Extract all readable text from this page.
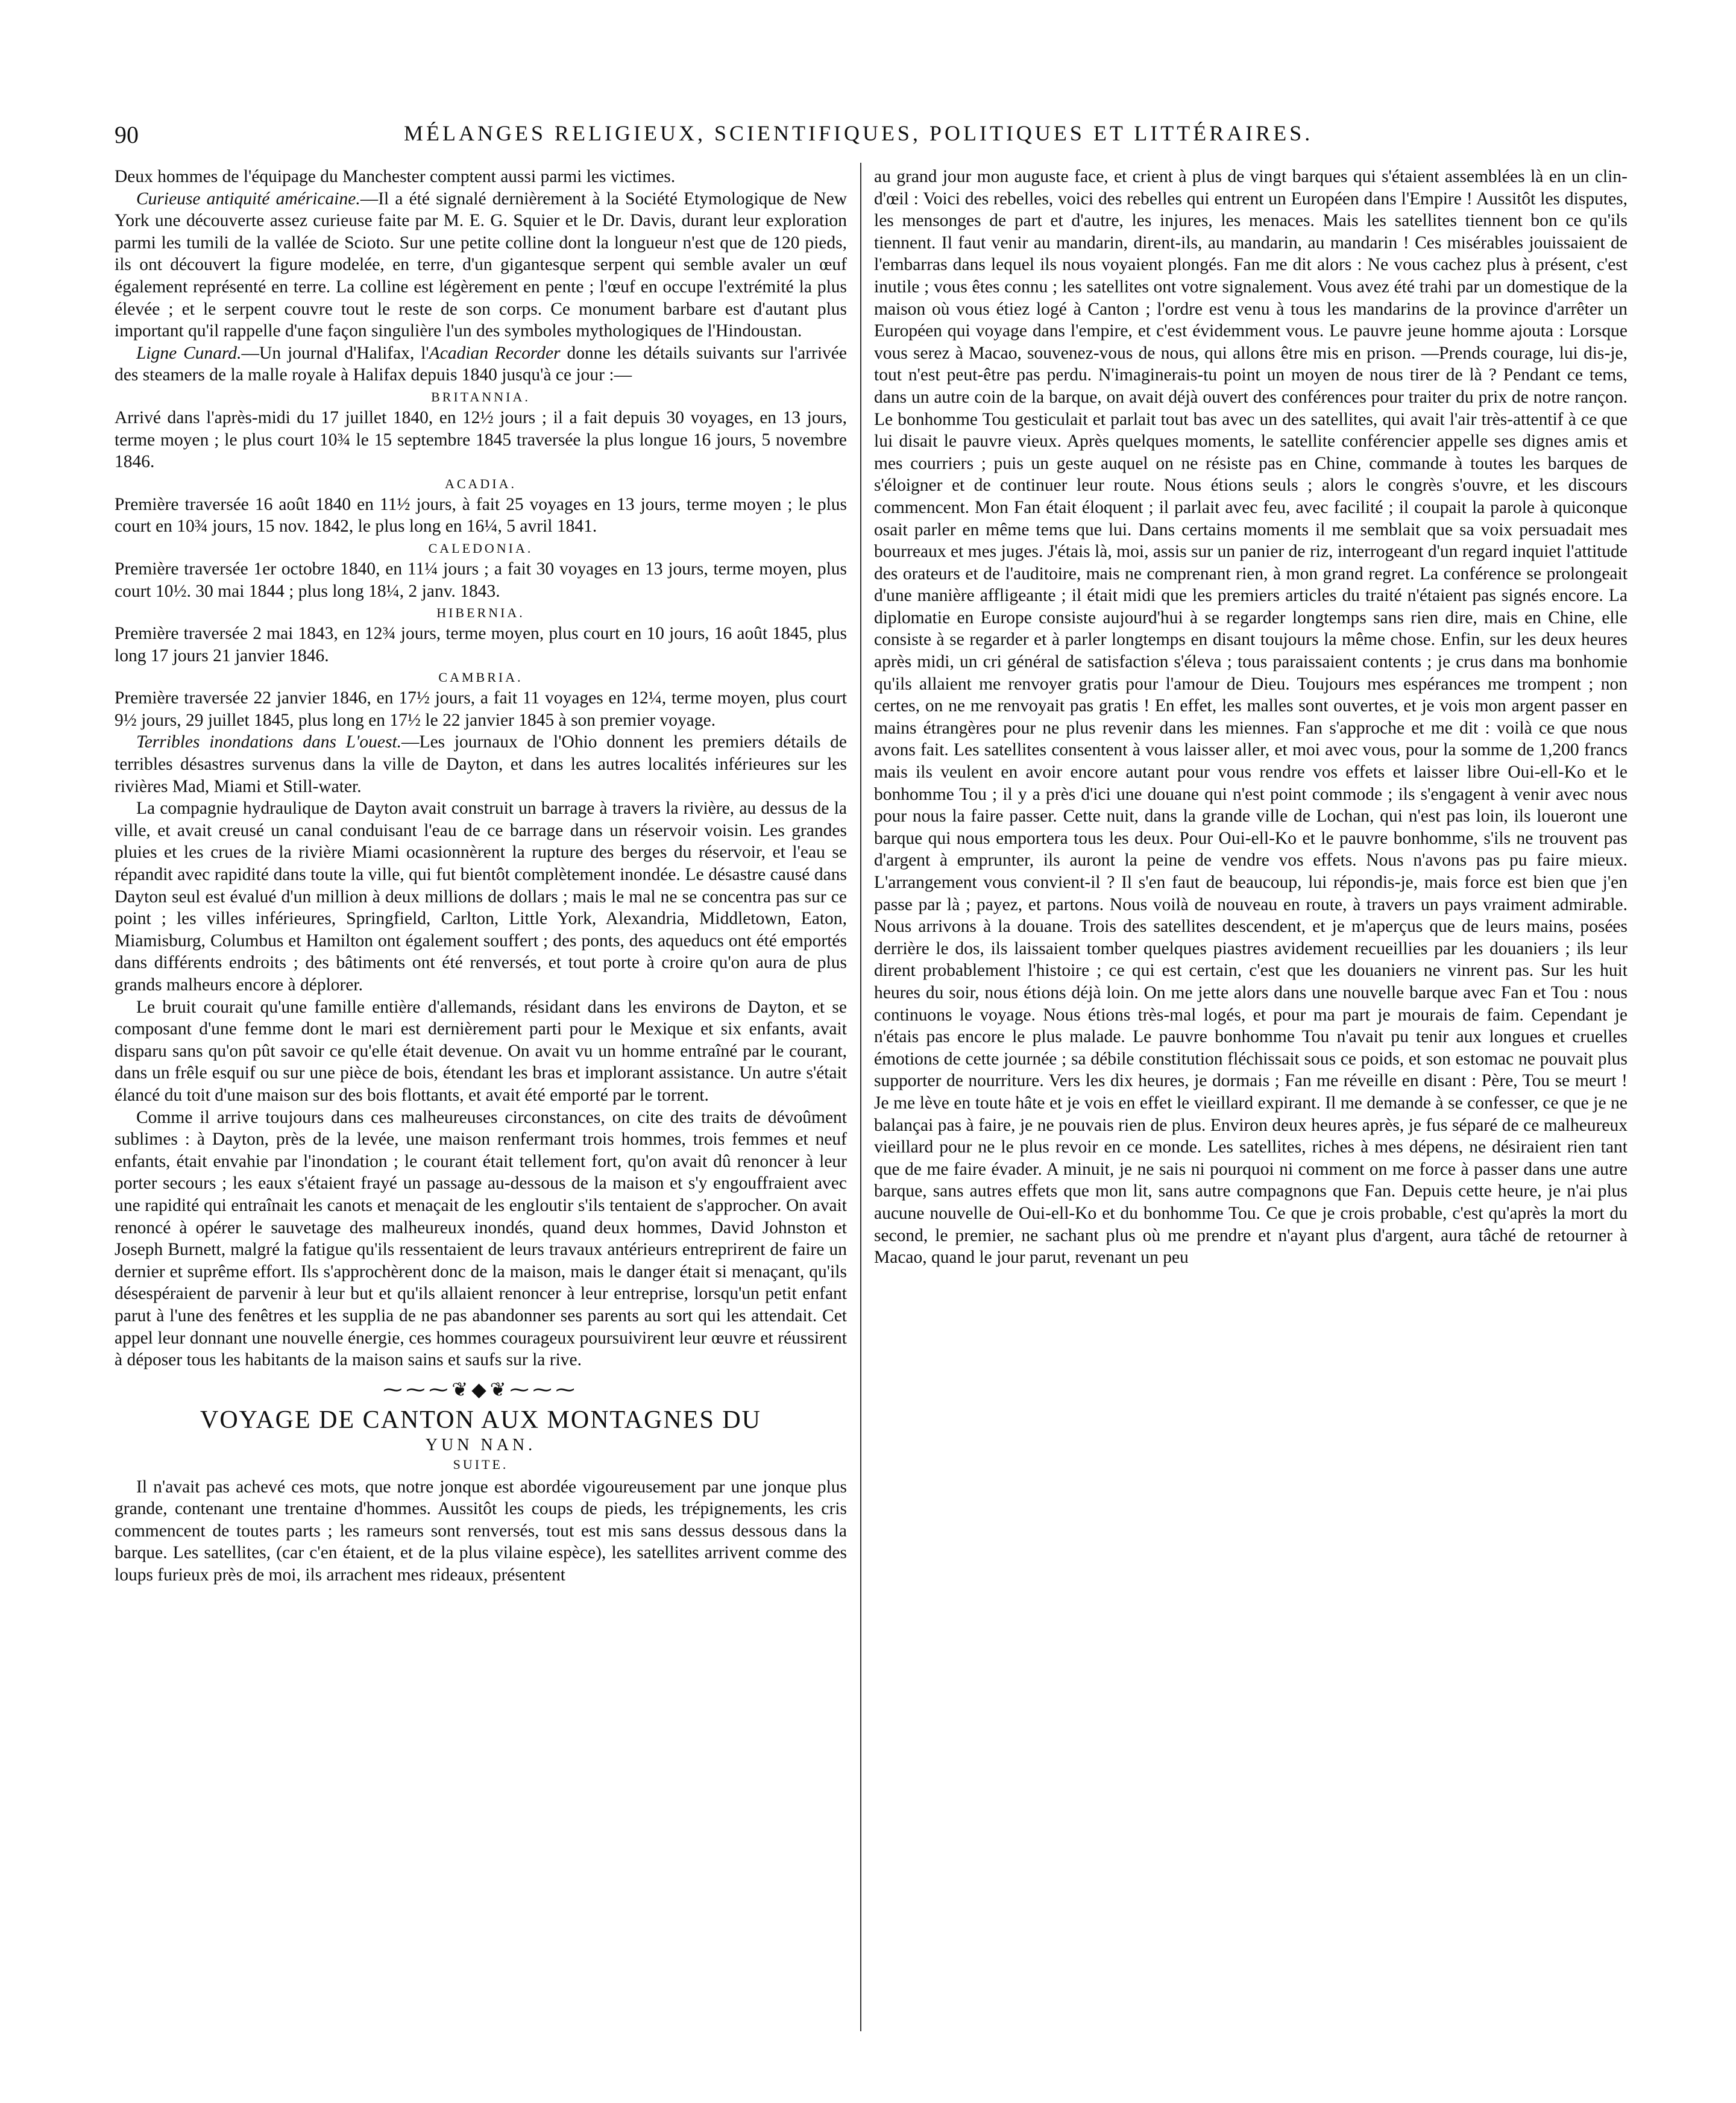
90	MÉLANGES RELIGIEUX, SCIENTIFIQUES, POLITIQUES ET LITTÉRAIRES.

Deux hommes de l'équipage du Manchester comptent aussi parmi les victimes.

Curieuse antiquité américaine.—Il a été signalé dernièrement à la Société Etymologique de New York une découverte assez curieuse faite par M. E. G. Squier et le Dr. Davis, durant leur exploration parmi les tumili de la vallée de Scioto. Sur une petite colline dont la longueur n'est que de 120 pieds, ils ont découvert la figure modelée, en terre, d'un gigantesque serpent qui semble avaler un œuf également représenté en terre. La colline est légèrement en pente ; l'œuf en occupe l'extrémité la plus élevée ; et le serpent couvre tout le reste de son corps. Ce monument barbare est d'autant plus important qu'il rappelle d'une façon singulière l'un des symboles mythologiques de l'Hindoustan.

Ligne Cunard.—Un journal d'Halifax, l'Acadian Recorder donne les détails suivants sur l'arrivée des steamers de la malle royale à Halifax depuis 1840 jusqu'à ce jour :—

BRITANNIA.

Arrivé dans l'après-midi du 17 juillet 1840, en 12½ jours ; il a fait depuis 30 voyages, en 13 jours, terme moyen ; le plus court 10¾ le 15 septembre 1845 traversée la plus longue 16 jours, 5 novembre 1846.

ACADIA.

Première traversée 16 août 1840 en 11½ jours, à fait 25 voyages en 13 jours, terme moyen ; le plus court en 10¾ jours, 15 nov. 1842, le plus long en 16¼, 5 avril 1841.

CALEDONIA.

Première traversée 1er octobre 1840, en 11¼ jours ; a fait 30 voyages en 13 jours, terme moyen, plus court 10½. 30 mai 1844 ; plus long 18¼, 2 janv. 1843.

HIBERNIA.

Première traversée 2 mai 1843, en 12¾ jours, terme moyen, plus court en 10 jours, 16 août 1845, plus long 17 jours 21 janvier 1846.

CAMBRIA.

Première traversée 22 janvier 1846, en 17½ jours, a fait 11 voyages en 12¼, terme moyen, plus court 9½ jours, 29 juillet 1845, plus long en 17½ le 22 janvier 1845 à son premier voyage.

Terribles inondations dans L'ouest.—Les journaux de l'Ohio donnent les premiers détails de terribles désastres survenus dans la ville de Dayton, et dans les autres localités inférieures sur les rivières Mad, Miami et Still-water.

La compagnie hydraulique de Dayton avait construit un barrage à travers la rivière, au dessus de la ville, et avait creusé un canal conduisant l'eau de ce barrage dans un réservoir voisin. Les grandes pluies et les crues de la rivière Miami ocasionnèrent la rupture des berges du réservoir, et l'eau se répandit avec rapidité dans toute la ville, qui fut bientôt complètement inondée. Le désastre causé dans Dayton seul est évalué d'un million à deux millions de dollars ; mais le mal ne se concentra pas sur ce point ; les villes inférieures, Springfield, Carlton, Little York, Alexandria, Middletown, Eaton, Miamisburg, Columbus et Hamilton ont également souffert ; des ponts, des aqueducs ont été emportés dans différents endroits ; des bâtiments ont été renversés, et tout porte à croire qu'on aura de plus grands malheurs encore à déplorer.

Le bruit courait qu'une famille entière d'allemands, résidant dans les environs de Dayton, et se composant d'une femme dont le mari est dernièrement parti pour le Mexique et six enfants, avait disparu sans qu'on pût savoir ce qu'elle était devenue. On avait vu un homme entraîné par le courant, dans un frêle esquif ou sur une pièce de bois, étendant les bras et implorant assistance. Un autre s'était élancé du toit d'une maison sur des bois flottants, et avait été emporté par le torrent.

Comme il arrive toujours dans ces malheureuses circonstances, on cite des traits de dévoûment sublimes : à Dayton, près de la levée, une maison renfermant trois hommes, trois femmes et neuf enfants, était envahie par l'inondation ; le courant était tellement fort, qu'on avait dû renoncer à leur porter secours ; les eaux s'étaient frayé un passage au-dessous de la maison et s'y engouffraient avec une rapidité qui entraînait les canots et menaçait de les engloutir s'ils tentaient de s'approcher. On avait renoncé à opérer le sauvetage des malheureux inondés, quand deux hommes, David Johnston et Joseph Burnett, malgré la fatigue qu'ils ressentaient de leurs travaux antérieurs entreprirent de faire un dernier et suprême effort. Ils s'approchèrent donc de la maison, mais le danger était si menaçant, qu'ils désespéraient de parvenir à leur but et qu'ils allaient renoncer à leur entreprise, lorsqu'un petit enfant parut à l'une des fenêtres et les supplia de ne pas abandonner ses parents au sort qui les attendait. Cet appel leur donnant une nouvelle énergie, ces hommes courageux poursuivirent leur œuvre et réussirent à déposer tous les habitants de la maison sains et saufs sur la rive.

⁓⁓⁓❦◆❦⁓⁓⁓
VOYAGE DE CANTON AUX MONTAGNES DU
YUN NAN.
SUITE.

Il n'avait pas achevé ces mots, que notre jonque est abordée vigoureusement par une jonque plus grande, contenant une trentaine d'hommes. Aussitôt les coups de pieds, les trépignements, les cris commencent de toutes parts ; les rameurs sont renversés, tout est mis sans dessus dessous dans la barque. Les satellites, (car c'en étaient, et de la plus vilaine espèce), les satellites arrivent comme des loups furieux près de moi, ils arrachent mes rideaux, présentent

au grand jour mon auguste face, et crient à plus de vingt barques qui s'étaient assemblées là en un clin-d'œil : Voici des rebelles, voici des rebelles qui entrent un Européen dans l'Empire ! Aussitôt les disputes, les mensonges de part et d'autre, les injures, les menaces. Mais les satellites tiennent bon ce qu'ils tiennent. Il faut venir au mandarin, dirent-ils, au mandarin, au mandarin ! Ces misérables jouissaient de l'embarras dans lequel ils nous voyaient plongés. Fan me dit alors : Ne vous cachez plus à présent, c'est inutile ; vous êtes connu ; les satellites ont votre signalement. Vous avez été trahi par un domestique de la maison où vous étiez logé à Canton ; l'ordre est venu à tous les mandarins de la province d'arrêter un Européen qui voyage dans l'empire, et c'est évidemment vous. Le pauvre jeune homme ajouta : Lorsque vous serez à Macao, souvenez-vous de nous, qui allons être mis en prison. —Prends courage, lui dis-je, tout n'est peut-être pas perdu. N'imaginerais-tu point un moyen de nous tirer de là ? Pendant ce tems, dans un autre coin de la barque, on avait déjà ouvert des conférences pour traiter du prix de notre rançon. Le bonhomme Tou gesticulait et parlait tout bas avec un des satellites, qui avait l'air très-attentif à ce que lui disait le pauvre vieux. Après quelques moments, le satellite conférencier appelle ses dignes amis et mes courriers ; puis un geste auquel on ne résiste pas en Chine, commande à toutes les barques de s'éloigner et de continuer leur route. Nous étions seuls ; alors le congrès s'ouvre, et les discours commencent. Mon Fan était éloquent ; il parlait avec feu, avec facilité ; il coupait la parole à quiconque osait parler en même tems que lui. Dans certains moments il me semblait que sa voix persuadait mes bourreaux et mes juges. J'étais là, moi, assis sur un panier de riz, interrogeant d'un regard inquiet l'attitude des orateurs et de l'auditoire, mais ne comprenant rien, à mon grand regret. La conférence se prolongeait d'une manière affligeante ; il était midi que les premiers articles du traité n'étaient pas signés encore. La diplomatie en Europe consiste aujourd'hui à se regarder longtemps sans rien dire, mais en Chine, elle consiste à se regarder et à parler longtemps en disant toujours la même chose. Enfin, sur les deux heures après midi, un cri général de satisfaction s'éleva ; tous paraissaient contents ; je crus dans ma bonhomie qu'ils allaient me renvoyer gratis pour l'amour de Dieu. Toujours mes espérances me trompent ; non certes, on ne me renvoyait pas gratis ! En effet, les malles sont ouvertes, et je vois mon argent passer en mains étrangères pour ne plus revenir dans les miennes. Fan s'approche et me dit : voilà ce que nous avons fait. Les satellites consentent à vous laisser aller, et moi avec vous, pour la somme de 1,200 francs mais ils veulent en avoir encore autant pour vous rendre vos effets et laisser libre Oui-ell-Ko et le bonhomme Tou ; il y a près d'ici une douane qui n'est point commode ; ils s'engagent à venir avec nous pour nous la faire passer. Cette nuit, dans la grande ville de Lochan, qui n'est pas loin, ils loueront une barque qui nous emportera tous les deux. Pour Oui-ell-Ko et le pauvre bonhomme, s'ils ne trouvent pas d'argent à emprunter, ils auront la peine de vendre vos effets. Nous n'avons pas pu faire mieux. L'arrangement vous convient-il ? Il s'en faut de beaucoup, lui répondis-je, mais force est bien que j'en passe par là ; payez, et partons. Nous voilà de nouveau en route, à travers un pays vraiment admirable. Nous arrivons à la douane. Trois des satellites descendent, et je m'aperçus que de leurs mains, posées derrière le dos, ils laissaient tomber quelques piastres avidement recueillies par les douaniers ; ils leur dirent probablement l'histoire ; ce qui est certain, c'est que les douaniers ne vinrent pas. Sur les huit heures du soir, nous étions déjà loin. On me jette alors dans une nouvelle barque avec Fan et Tou : nous continuons le voyage. Nous étions très-mal logés, et pour ma part je mourais de faim. Cependant je n'étais pas encore le plus malade. Le pauvre bonhomme Tou n'avait pu tenir aux longues et cruelles émotions de cette journée ; sa débile constitution fléchissait sous ce poids, et son estomac ne pouvait plus supporter de nourriture. Vers les dix heures, je dormais ; Fan me réveille en disant : Père, Tou se meurt ! Je me lève en toute hâte et je vois en effet le vieillard expirant. Il me demande à se confesser, ce que je ne balançai pas à faire, je ne pouvais rien de plus. Environ deux heures après, je fus séparé de ce malheureux vieillard pour ne le plus revoir en ce monde. Les satellites, riches à mes dépens, ne désiraient rien tant que de me faire évader. A minuit, je ne sais ni pourquoi ni comment on me force à passer dans une autre barque, sans autres effets que mon lit, sans autre compagnons que Fan. Depuis cette heure, je n'ai plus aucune nouvelle de Oui-ell-Ko et du bonhomme Tou. Ce que je crois probable, c'est qu'après la mort du second, le premier, ne sachant plus où me prendre et n'ayant plus d'argent, aura tâché de retourner à Macao, quand le jour parut, revenant un peu
